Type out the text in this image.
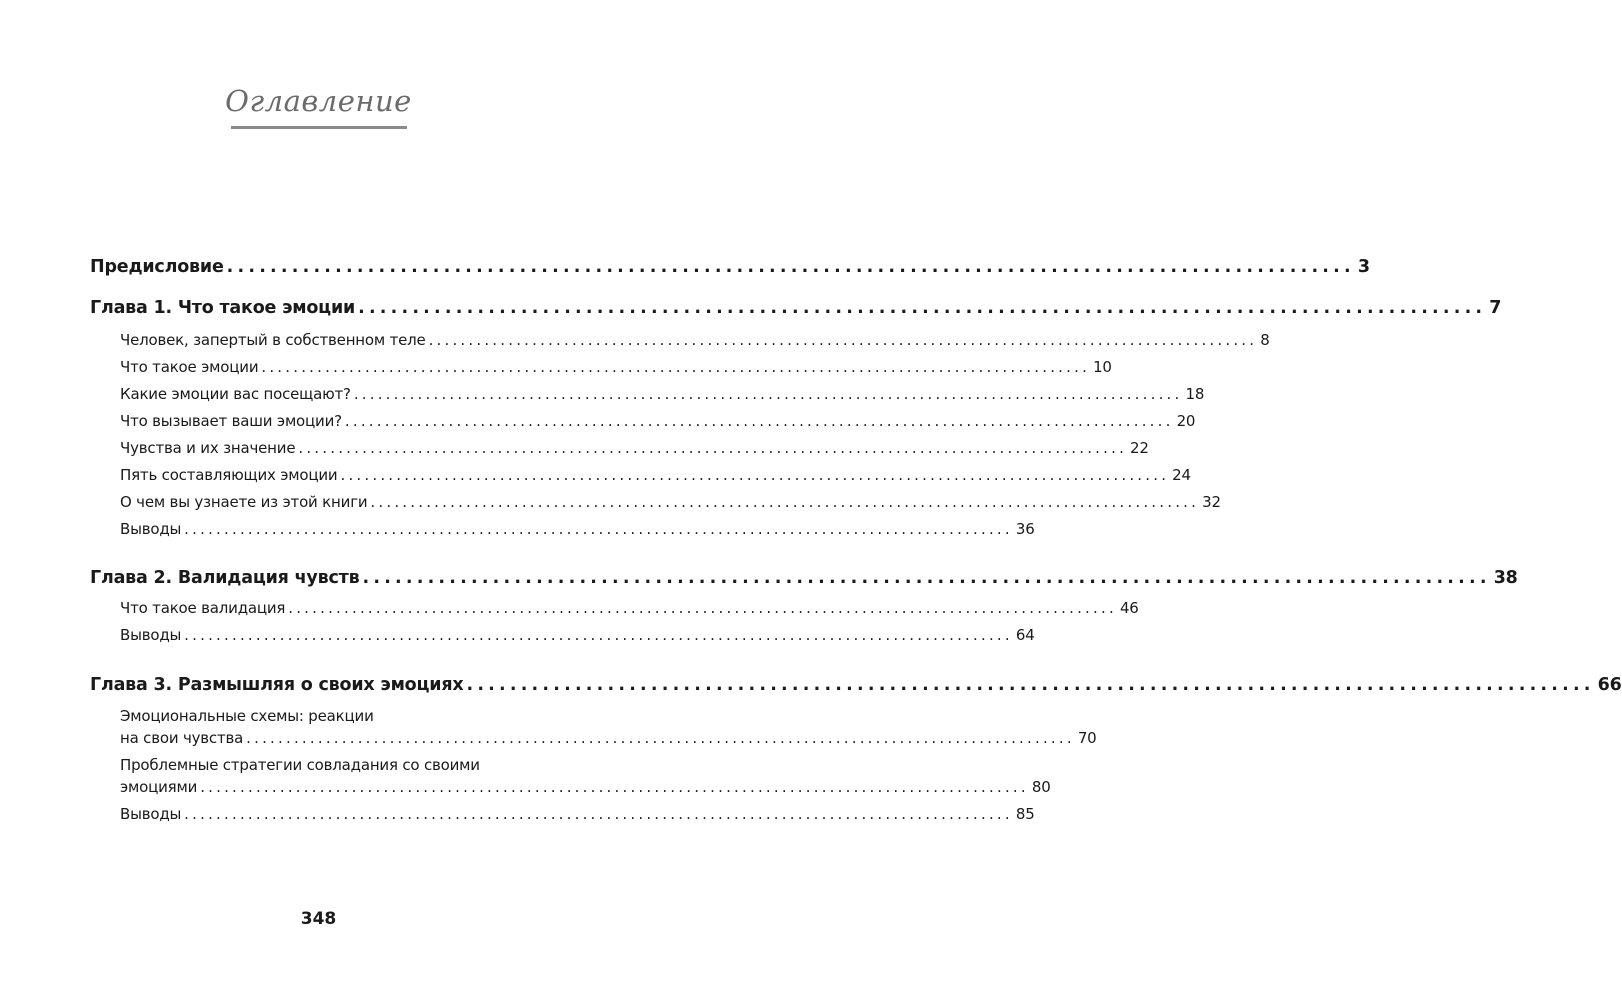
Оглавление
Предисловие ........................................................................................................ 3
Глава 1. Что такое эмоции ........................................................................................................ 7
Человек, запертый в собственном теле ........................................................................................................ 8
Что такое эмоции ........................................................................................................ 10
Какие эмоции вас посещают? ........................................................................................................ 18
Что вызывает ваши эмоции? ........................................................................................................ 20
Чувства и их значение ........................................................................................................ 22
Пять составляющих эмоции ........................................................................................................ 24
О чем вы узнаете из этой книги ........................................................................................................ 32
Выводы ........................................................................................................ 36
Глава 2. Валидация чувств ........................................................................................................ 38
Что такое валидация ........................................................................................................ 46
Выводы ........................................................................................................ 64
Глава 3. Размышляя о своих эмоциях ........................................................................................................ 66
Эмоциональные схемы: реакции
на свои чувства ........................................................................................................ 70
Проблемные стратегии совладания со своими
эмоциями ........................................................................................................ 80
Выводы ........................................................................................................ 85
348
